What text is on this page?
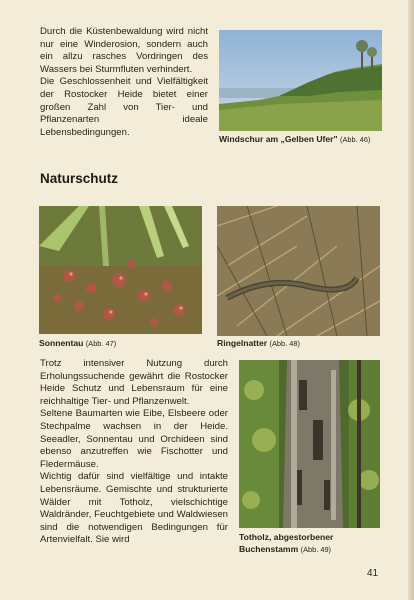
Durch die Küstenbewaldung wird nicht nur eine Winderosion, sondern auch ein allzu rasches Vordringen des Wassers bei Sturmfluten verhindert.

Die Geschlossenheit und Vielfältigkeit der Rostocker Heide bietet einer großen Zahl von Tier- und Pflanzenarten ideale Lebensbedingungen.

Windschur am „Gelben Ufer" (Abb. 46)
Naturschutz
Sonnentau (Abb. 47)	Ringelnatter (Abb. 48)

Trotz intensiver Nutzung durch Erholungssuchende gewährt die Rostocker Heide Schutz und Lebensraum für eine reichhaltige Tier- und Pflanzenwelt.

Seltene Baumarten wie Eibe, Elsbeere oder Stechpalme wachsen in der Heide. Seeadler, Sonnentau und Orchideen sind ebenso anzutreffen wie Fischotter und Fledermäuse.

Wichtig dafür sind vielfältige und intakte Lebensräume. Gemischte und strukturierte Wälder mit Totholz, vielschichtige Waldränder, Feuchtgebiete und Waldwiesen sind die notwendigen Bedingungen für Artenvielfalt. Sie wird	Totholz, abgestorbener
Buchenstamm (Abb. 49)
41
